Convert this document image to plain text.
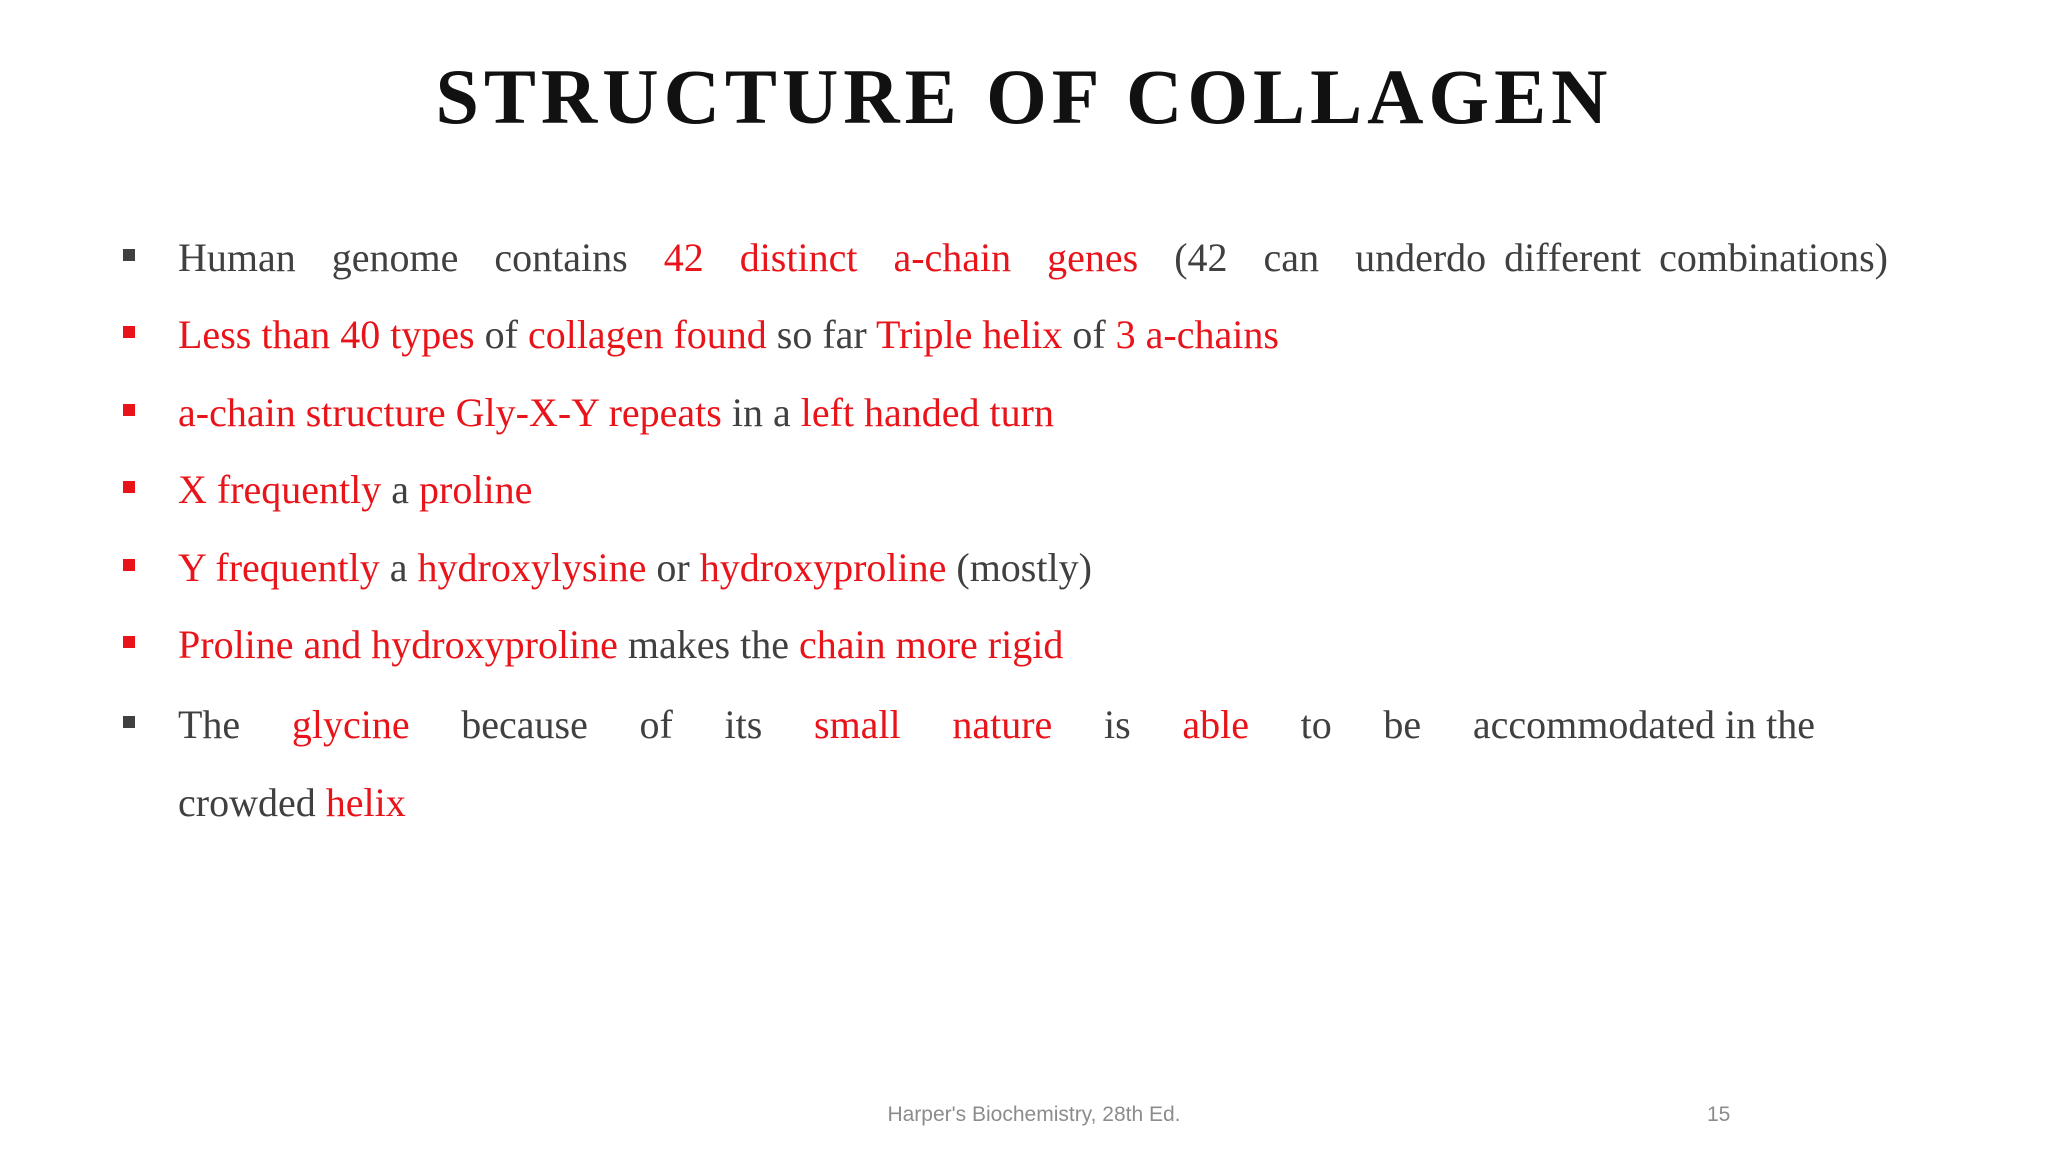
STRUCTURE OF COLLAGEN
Human  genome  contains  42  distinct  a-chain  genes  (42  can  underdo different combinations)
Less than 40 types of collagen found so far Triple helix of 3 a-chains
a-chain structure Gly-X-Y repeats in a left handed turn
X frequently a proline
Y frequently a hydroxylysine or hydroxyproline (mostly)
Proline and hydroxyproline makes the chain more rigid
The glycine because of its small nature is able to be accommodated in the
crowded helix
Harper's Biochemistry, 28th Ed.	15
